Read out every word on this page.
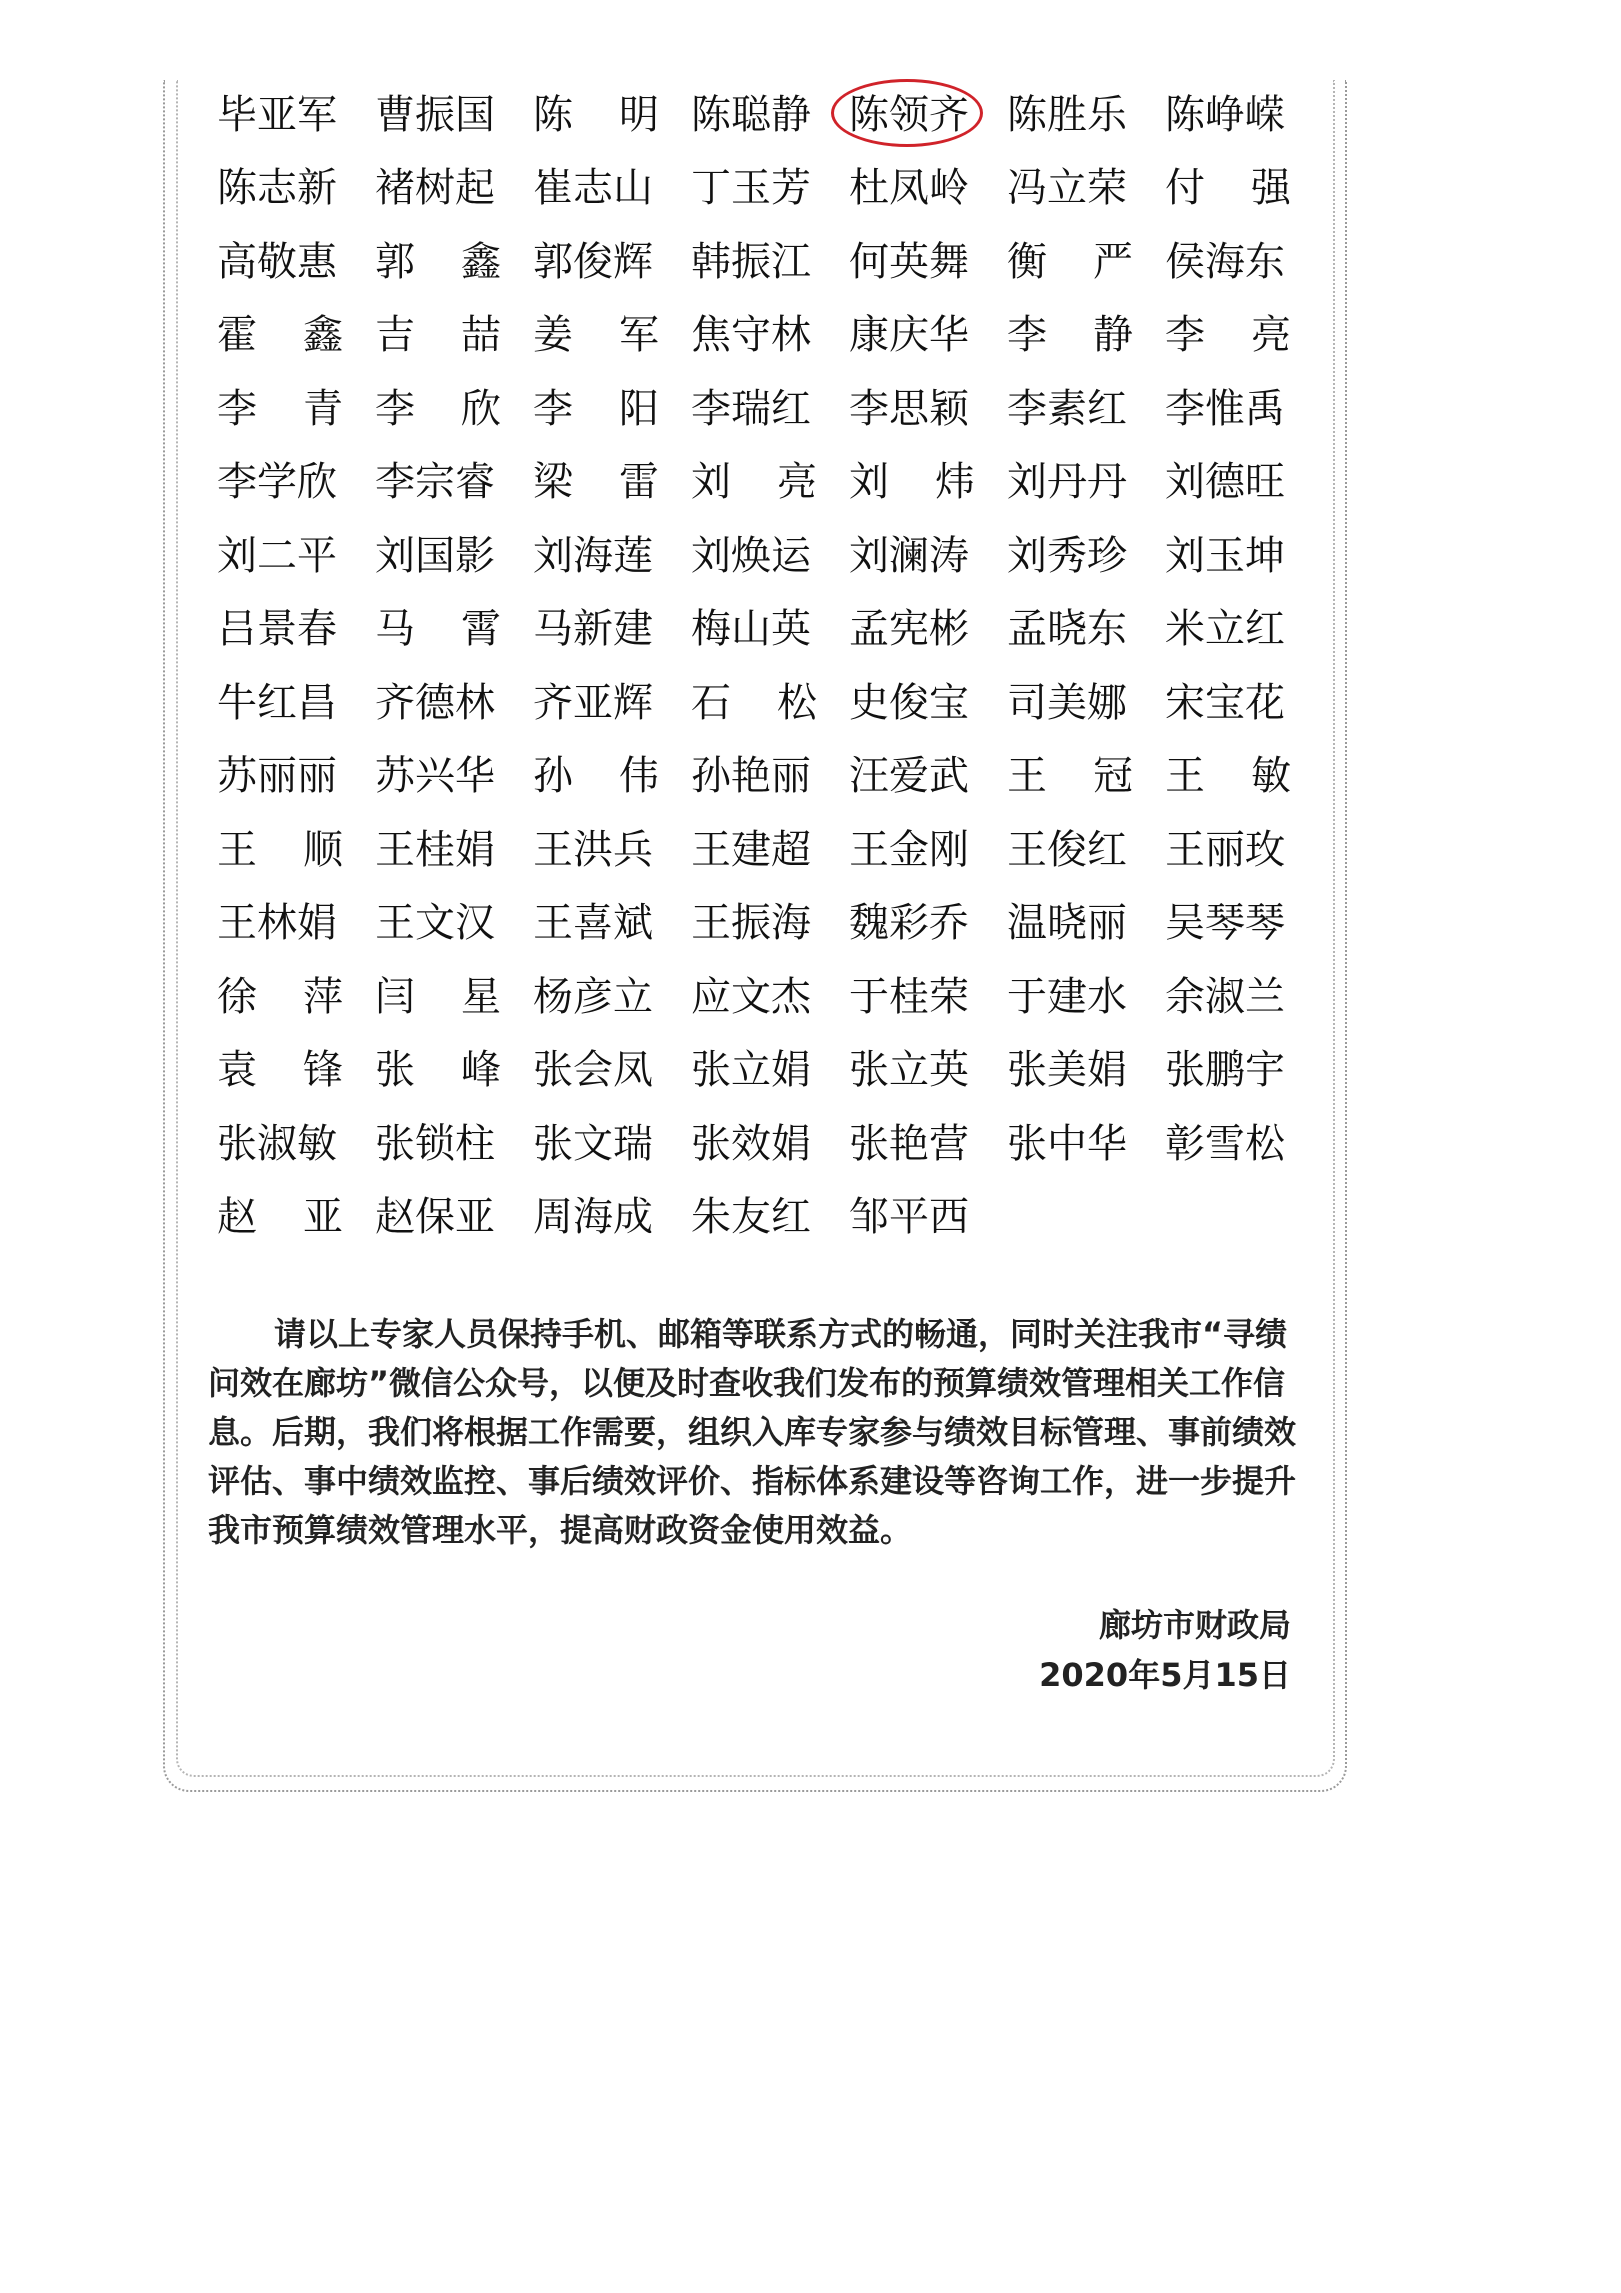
毕亚军 曹振国 陈明
陈聪静 陈领齐 陈胜乐 陈峥嵘
陈志新 褚树起 崔志山 丁玉芳 杜凤岭 冯立荣 付强
高敬惠 郭鑫
郭俊辉 韩振江 何英舞 衡严
侯海东
霍鑫
吉喆
姜军
焦守林 康庆华 李静
李亮
李青
李欣
李阳
李瑞红 李思颖 李素红 李惟禹
李学欣 李宗睿 梁雷
刘亮
刘炜
刘丹丹 刘德旺
刘二平 刘国影 刘海莲 刘焕运 刘澜涛 刘秀珍 刘玉坤
吕景春 马霄
马新建 梅山英 孟宪彬 孟晓东 米立红
牛红昌 齐德林 齐亚辉 石松
史俊宝 司美娜 宋宝花
苏丽丽 苏兴华 孙伟
孙艳丽 汪爱武 王冠
王敏
王顺
王桂娟 王洪兵 王建超 王金刚 王俊红 王丽玫
王林娟 王文汉 王喜斌 王振海 魏彩乔 温晓丽 吴琴琴
徐萍
闫星
杨彦立 应文杰 于桂荣 于建水 余淑兰
袁锋
张峰
张会凤 张立娟 张立英 张美娟 张鹏宇
张淑敏 张锁柱 张文瑞 张效娟 张艳营 张中华 彰雪松
赵亚
赵保亚 周海成 朱友红 邹平西

请以上专家人员保持手机、邮箱等联系方式的畅通，同时关注我市“寻绩问效在廊坊”微信公众号，以便及时查收我们发布的预算绩效管理相关工作信息。后期，我们将根据工作需要，组织入库专家参与绩效目标管理、事前绩效评估、事中绩效监控、事后绩效评价、指标体系建设等咨询工作，进一步提升我市预算绩效管理水平，提高财政资金使用效益。

廊坊市财政局
2020年5月15日
